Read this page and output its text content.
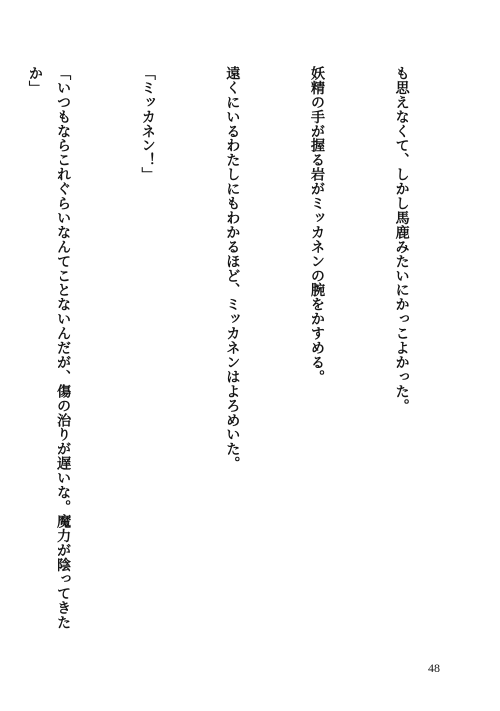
も思えなくて、しかし馬鹿みたいにかっこよかった。

妖精の手が握る岩がミッカネンの腕をかすめる。

遠くにいるわたしにもわかるほど、ミッカネンはよろめいた。

「ミッカネン！」

「いつもならこれぐらいなんてことないんだが、傷の治りが遅いな。魔力が陰ってきたか」

48
